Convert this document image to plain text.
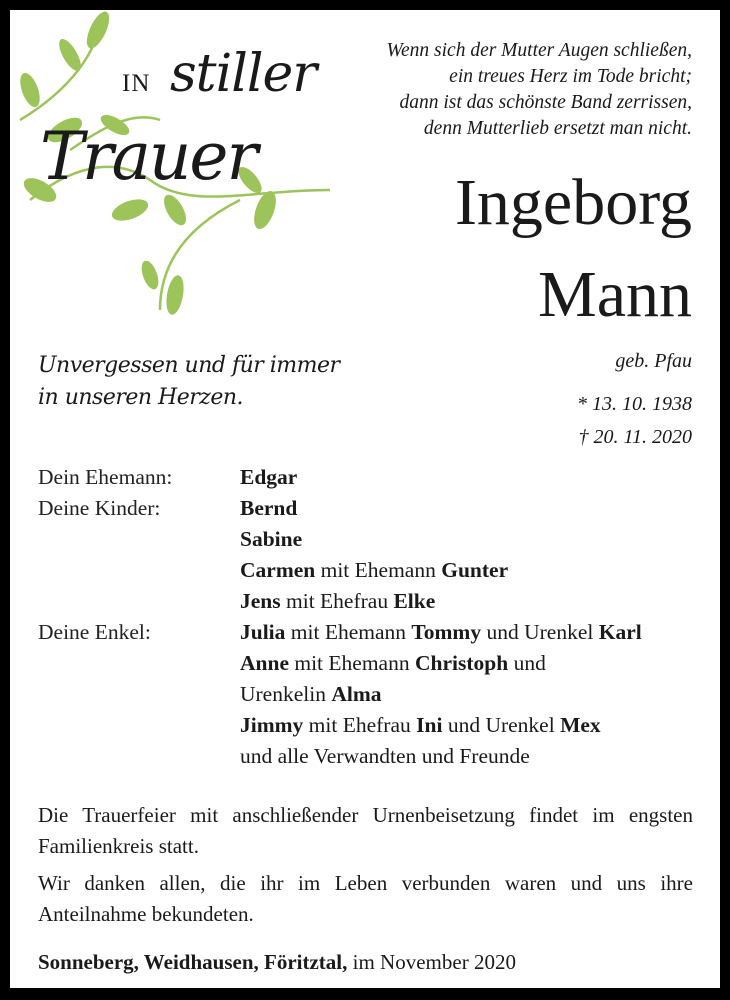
IN stiller
Trauer
Wenn sich der Mutter Augen schließen,
ein treues Herz im Tode bricht;
dann ist das schönste Band zerrissen,
denn Mutterlieb ersetzt man nicht.
Ingeborg
Mann
geb. Pfau
* 13. 10. 1938
† 20. 11. 2020
Unvergessen und für immer
in unseren Herzen.
Dein Ehemann:	Edgar
Deine Kinder:	Bernd
Sabine
Carmen mit Ehemann Gunter
Jens mit Ehefrau Elke
Deine Enkel:	Julia mit Ehemann Tommy und Urenkel Karl
Anne mit Ehemann Christoph und
Urenkelin Alma
Jimmy mit Ehefrau Ini und Urenkel Mex
und alle Verwandten und Freunde
Die Trauerfeier mit anschließender Urnenbeisetzung findet im engsten Familienkreis statt.
Wir danken allen, die ihr im Leben verbunden waren und uns ihre Anteilnahme bekundeten.
Sonneberg, Weidhausen, Föritztal, im November 2020
